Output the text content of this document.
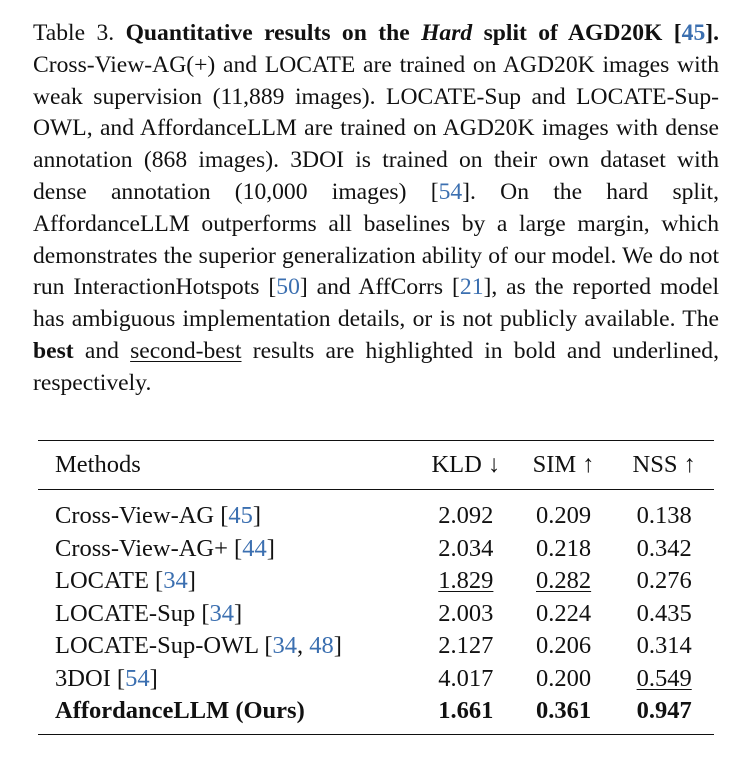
Table 3. Quantitative results on the Hard split of AGD20K [45]. Cross-View-AG(+) and LOCATE are trained on AGD20K images with weak supervision (11,889 images). LOCATE-Sup and LOCATE-Sup-OWL, and AffordanceLLM are trained on AGD20K images with dense annotation (868 images). 3DOI is trained on their own dataset with dense annotation (10,000 images) [54]. On the hard split, AffordanceLLM outperforms all baselines by a large margin, which demonstrates the superior generalization ability of our model. We do not run InteractionHotspots [50] and AffCorrs [21], as the reported model has ambiguous implementation details, or is not publicly available. The best and second-best results are highlighted in bold and underlined, respectively.
Methods	KLD ↓	SIM ↑	NSS ↑
Cross-View-AG [45]	2.092	0.209	0.138
Cross-View-AG+ [44]	2.034	0.218	0.342
LOCATE [34]	1.829	0.282	0.276
LOCATE-Sup [34]	2.003	0.224	0.435
LOCATE-Sup-OWL [34, 48]	2.127	0.206	0.314
3DOI [54]	4.017	0.200	0.549
AffordanceLLM (Ours)	1.661	0.361	0.947
